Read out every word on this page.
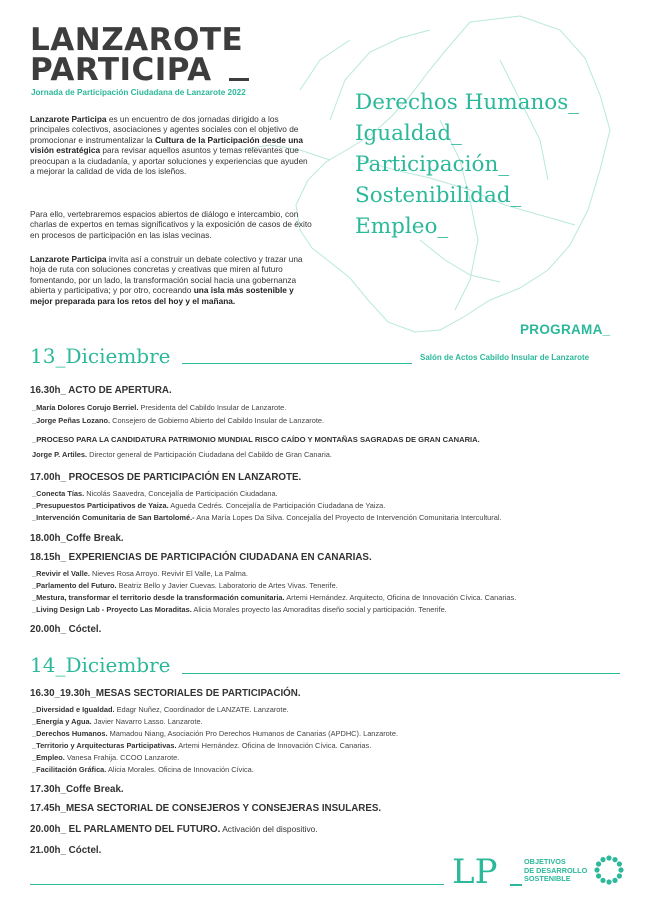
LANZAROTE
PARTICIPA
Jornada de Participación Ciudadana de Lanzarote 2022	Derechos Humanos_
Igualdad_
Participación_
Sostenibilidad_
Empleo_
Lanzarote Participa es un encuentro de dos jornadas dirigido a los principales colectivos, asociaciones y agentes sociales con el objetivo de promocionar e instrumentalizar la Cultura de la Participación desde una visión estratégica para revisar aquellos asuntos y temas relevantes que preocupan a la ciudadanía, y aportar soluciones y experiencias que ayuden a mejorar la calidad de vida de los isleños.
Para ello, vertebraremos espacios abiertos de diálogo e intercambio, con charlas de expertos en temas significativos y la exposición de casos de éxito en procesos de participación en las islas vecinas.
Lanzarote Participa invita así a construir un debate colectivo y trazar una hoja de ruta con soluciones concretas y creativas que miren al futuro fomentando, por un lado, la transformación social hacia una gobernanza abierta y participativa; y por otro, cocreando una isla más sostenible y mejor preparada para los retos del hoy y el mañana.
PROGRAMA_
Salón de Actos Cabildo Insular de Lanzarote
13_Diciembre
16.30h_ ACTO DE APERTURA.
_María Dolores Corujo Berriel. Presidenta del Cabildo Insular de Lanzarote.
_Jorge Peñas Lozano. Consejero de Gobierno Abierto del Cabildo Insular de Lanzarote.
_PROCESO PARA LA CANDIDATURA PATRIMONIO MUNDIAL RISCO CAÍDO Y MONTAÑAS SAGRADAS DE GRAN CANARIA.
Jorge P. Artiles. Director general de Participación Ciudadana del Cabildo de Gran Canaria.
17.00h_ PROCESOS DE PARTICIPACIÓN EN LANZAROTE.
_Conecta Tías. Nicolás Saavedra, Concejalía de Participación Ciudadana.
_Presupuestos Participativos de Yaiza. Agueda Cedrés. Concejalía de Participación Ciudadana de Yaiza.
_Intervención Comunitaria de San Bartolomé.- Ana María Lopes Da Silva. Concejalía del Proyecto de Intervención Comunitaria Intercultural.
18.00h_Coffe Break.
18.15h_ EXPERIENCIAS DE PARTICIPACIÓN CIUDADANA EN CANARIAS.
_Revivir el Valle. Nieves Rosa Arroyo. Revivir El Valle, La Palma.
_Parlamento del Futuro. Beatriz Bello y Javier Cuevas. Laboratorio de Artes Vivas. Tenerife.
_Mestura, transformar el territorio desde la transformación comunitaria. Artemi Hernández. Arquitecto, Oficina de Innovación Cívica. Canarias.
_Living Design Lab - Proyecto Las Moraditas. Alicia Morales proyecto las Amoraditas diseño social y participación. Tenerife.
20.00h_ Cóctel.
14_Diciembre
16.30_19.30h_MESAS SECTORIALES DE PARTICIPACIÓN.
_Diversidad e Igualdad. Edagr Nuñez, Coordinador de LANZATE. Lanzarote.
_Energía y Agua. Javier Navarro Lasso. Lanzarote.
_Derechos Humanos. Mamadou Niang, Asociación Pro Derechos Humanos de Canarias (APDHC). Lanzarote.
_Territorio y Arquitecturas Participativas. Artemi Hernández. Oficina de Innovación Cívica. Canarias.
_Empleo. Vanesa Frahija. CCOO Lanzarote.
_Facilitación Gráfica. Alicia Morales. Oficina de Innovación Cívica.
17.30h_Coffe Break.
17.45h_MESA SECTORIAL DE CONSEJEROS Y CONSEJERAS INSULARES.
20.00h_ EL PARLAMENTO DEL FUTURO. Activación del dispositivo.
21.00h_ Cóctel.
LP	OBJETIVOS
DE DESARROLLO
SOSTENIBLE
